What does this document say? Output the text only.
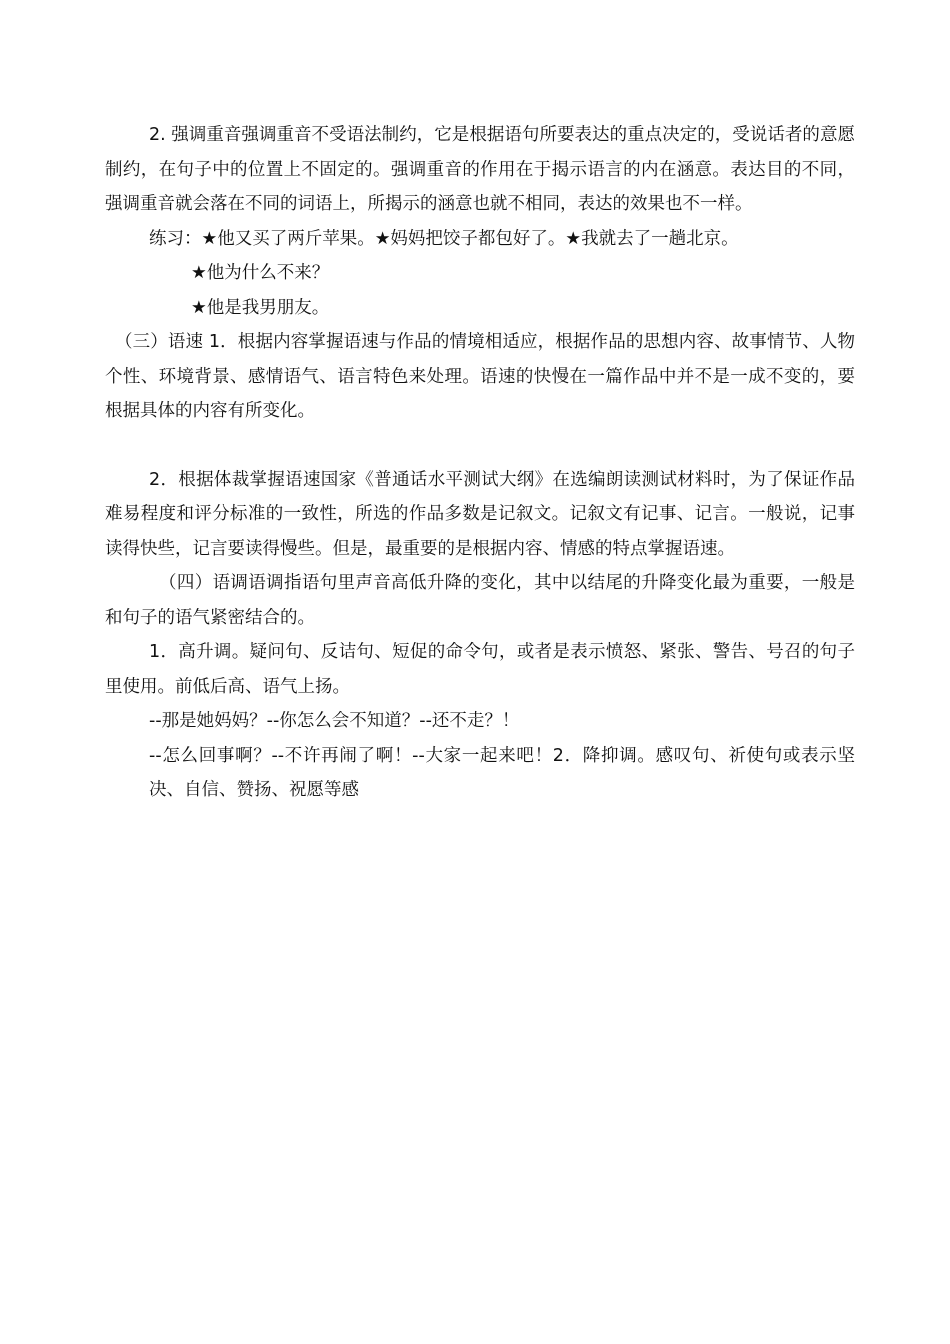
2. 强调重音强调重音不受语法制约，它是根据语句所要表达的重点决定的，受说话者的意愿制约，在句子中的位置上不固定的。强调重音的作用在于揭示语言的内在涵意。表达目的不同，强调重音就会落在不同的词语上，所揭示的涵意也就不相同，表达的效果也不一样。

练习：★他又买了两斤苹果。★妈妈把饺子都包好了。★我就去了一趟北京。

★他为什么不来？

★他是我男朋友。

（三）语速 1．根据内容掌握语速与作品的情境相适应，根据作品的思想内容、故事情节、人物个性、环境背景、感情语气、语言特色来处理。语速的快慢在一篇作品中并不是一成不变的，要根据具体的内容有所变化。

2．根据体裁掌握语速国家《普通话水平测试大纲》在选编朗读测试材料时，为了保证作品难易程度和评分标准的一致性，所选的作品多数是记叙文。记叙文有记事、记言。一般说，记事读得快些，记言要读得慢些。但是，最重要的是根据内容、情感的特点掌握语速。

（四）语调语调指语句里声音高低升降的变化，其中以结尾的升降变化最为重要，一般是和句子的语气紧密结合的。

1．高升调。疑问句、反诘句、短促的命令句，或者是表示愤怒、紧张、警告、号召的句子里使用。前低后高、语气上扬。

--那是她妈妈？--你怎么会不知道？--还不走？！

--怎么回事啊？--不许再闹了啊！--大家一起来吧！2．降抑调。感叹句、祈使句或表示坚决、自信、赞扬、祝愿等感
